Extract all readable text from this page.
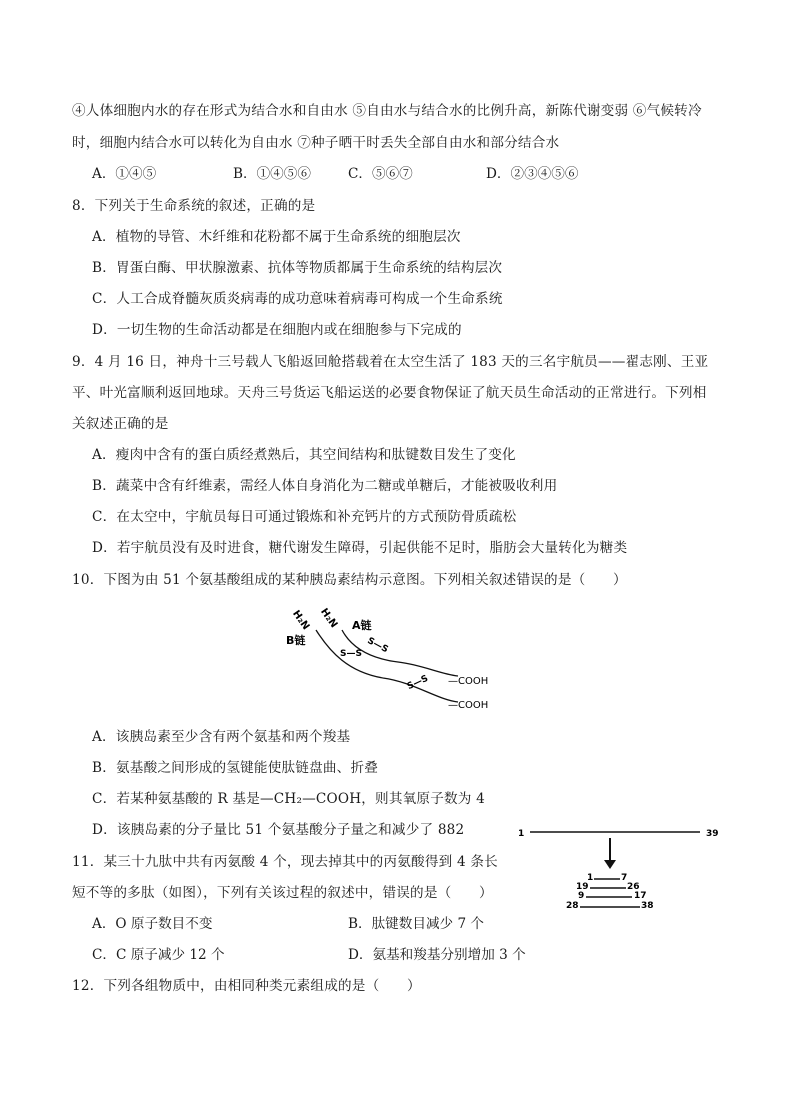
④人体细胞内水的存在形式为结合水和自由水 ⑤自由水与结合水的比例升高，新陈代谢变弱 ⑥气候转冷
时，细胞内结合水可以转化为自由水 ⑦种子晒干时丢失全部自由水和部分结合水
A．①④⑤	B．①④⑤⑥	C．⑤⑥⑦	D．②③④⑤⑥
8．下列关于生命系统的叙述，正确的是
A．植物的导管、木纤维和花粉都不属于生命系统的细胞层次
B．胃蛋白酶、甲状腺激素、抗体等物质都属于生命系统的结构层次
C．人工合成脊髓灰质炎病毒的成功意味着病毒可构成一个生命系统
D．一切生物的生命活动都是在细胞内或在细胞参与下完成的
9．4 月 16 日，神舟十三号载人飞船返回舱搭载着在太空生活了 183 天的三名宇航员——翟志刚、王亚
平、叶光富顺利返回地球。天舟三号货运飞船运送的必要食物保证了航天员生命活动的正常进行。下列相
关叙述正确的是
A．瘦肉中含有的蛋白质经煮熟后，其空间结构和肽键数目发生了变化
B．蔬菜中含有纤维素，需经人体自身消化为二糖或单糖后，才能被吸收利用
C．在太空中，宇航员每日可通过锻炼和补充钙片的方式预防骨质疏松
D．若宇航员没有及时进食，糖代谢发生障碍，引起供能不足时，脂肪会大量转化为糖类
10．下图为由 51 个氨基酸组成的某种胰岛素结构示意图。下列相关叙述错误的是（　　）
H₂N H₂N A链
B链	S—S
S—S
S—S —COOH
—COOH
A．该胰岛素至少含有两个氨基和两个羧基
B．氨基酸之间形成的氢键能使肽链盘曲、折叠
C．若某种氨基酸的 R 基是—CH₂—COOH，则其氧原子数为 4
D．该胰岛素的分子量比 51 个氨基酸分子量之和减少了 882
11．某三十九肽中共有丙氨酸 4 个，现去掉其中的丙氨酸得到 4 条长
短不等的多肽（如图），下列有关该过程的叙述中，错误的是（　　）
1	39
1	7
19	26
9	17
28	38
A．O 原子数目不变	B．肽键数目减少 7 个
C．C 原子减少 12 个	D．氨基和羧基分别增加 3 个
12．下列各组物质中，由相同种类元素组成的是（　　）
